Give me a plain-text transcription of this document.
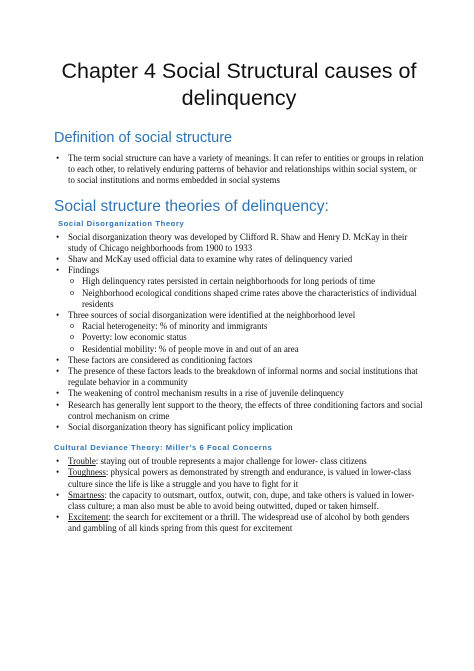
Chapter 4 Social Structural causes of delinquency
Definition of social structure
• The term social structure can have a variety of meanings. It can refer to entities or groups in relation to each other, to relatively enduring patterns of behavior and relationships within social system, or to social institutions and norms embedded in social systems
Social structure theories of delinquency:
Social Disorganization Theory
• Social disorganization theory was developed by Clifford R. Shaw and Henry D. McKay in their study of Chicago neighborhoods from 1900 to 1933
• Shaw and McKay used official data to examine why rates of delinquency varied
• Findings
o High delinquency rates persisted in certain neighborhoods for long periods of time
o Neighborhood ecological conditions shaped crime rates above the characteristics of individual residents
• Three sources of social disorganization were identified at the neighborhood level
o Racial heterogeneity: % of minority and immigrants
o Poverty: low economic status
o Residential mobility: % of people move in and out of an area
• These factors are considered as conditioning factors
• The presence of these factors leads to the breakdown of informal norms and social institutions that regulate behavior in a community
• The weakening of control mechanism results in a rise of juvenile delinquency
• Research has generally lent support to the theory, the effects of three conditioning factors and social control mechanism on crime
• Social disorganization theory has significant policy implication
Cultural Deviance Theory: Miller’s 6 Focal Concerns
• Trouble: staying out of trouble represents a major challenge for lower- class citizens
• Toughness: physical powers as demonstrated by strength and endurance, is valued in lower-class culture since the life is like a struggle and you have to fight for it
• Smartness: the capacity to outsmart, outfox, outwit, con, dupe, and take others is valued in lower-class culture; a man also must be able to avoid being outwitted, duped or taken himself.
• Excitement: the search for excitement or a thrill. The widespread use of alcohol by both genders and gambling of all kinds spring from this quest for excitement
